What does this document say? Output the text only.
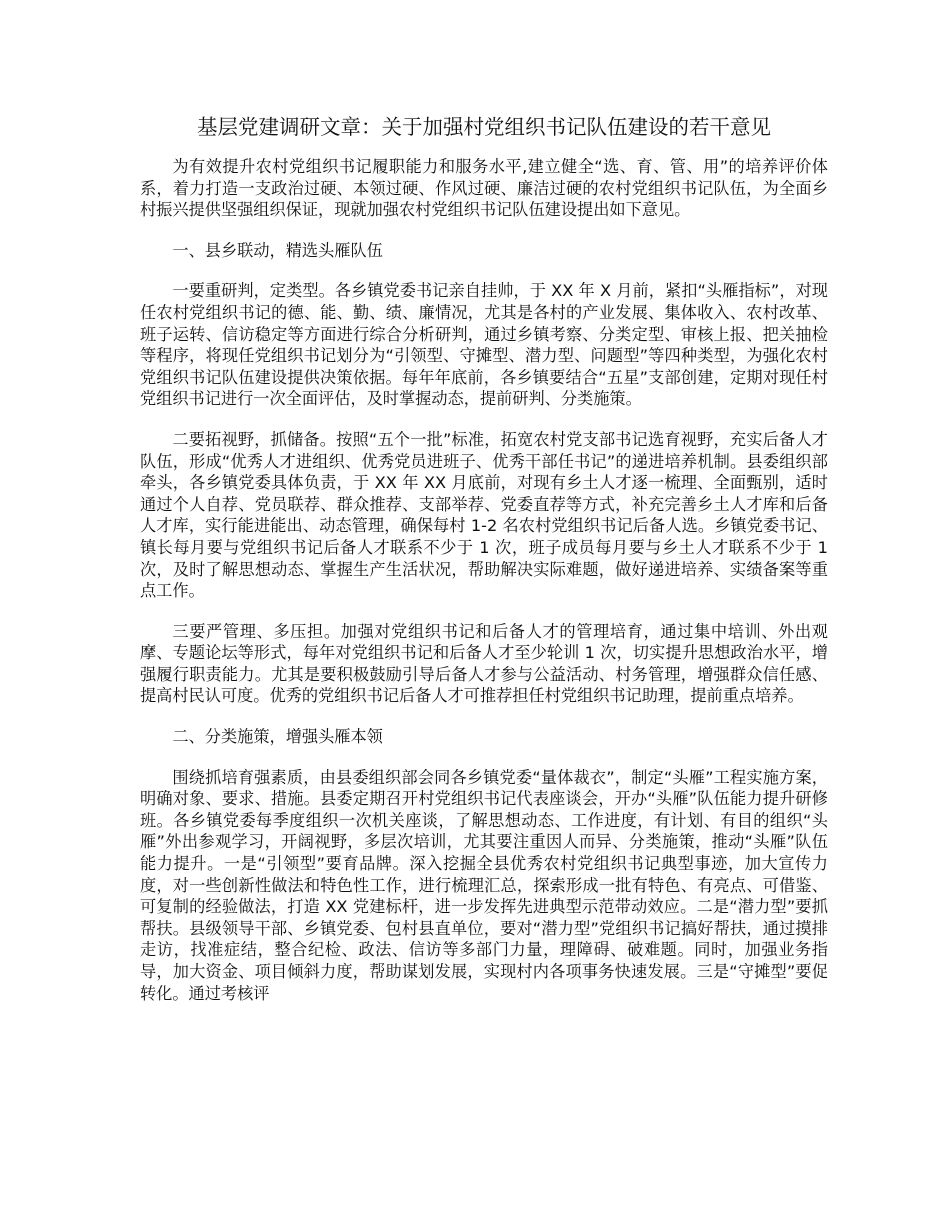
基层党建调研文章：关于加强村党组织书记队伍建设的若干意见

为有效提升农村党组织书记履职能力和服务水平,建立健全“选、育、管、用”的培养评价体系，着力打造一支政治过硬、本领过硬、作风过硬、廉洁过硬的农村党组织书记队伍，为全面乡村振兴提供坚强组织保证，现就加强农村党组织书记队伍建设提出如下意见。

一、县乡联动，精选头雁队伍

一要重研判，定类型。各乡镇党委书记亲自挂帅，于 XX 年 X 月前，紧扣“头雁指标”，对现任农村党组织书记的德、能、勤、绩、廉情况，尤其是各村的产业发展、集体收入、农村改革、班子运转、信访稳定等方面进行综合分析研判，通过乡镇考察、分类定型、审核上报、把关抽检等程序，将现任党组织书记划分为“引领型、守摊型、潜力型、问题型”等四种类型，为强化农村党组织书记队伍建设提供决策依据。每年年底前，各乡镇要结合“五星”支部创建，定期对现任村党组织书记进行一次全面评估，及时掌握动态，提前研判、分类施策。

二要拓视野，抓储备。按照“五个一批”标准，拓宽农村党支部书记选育视野，充实后备人才队伍，形成“优秀人才进组织、优秀党员进班子、优秀干部任书记”的递进培养机制。县委组织部牵头，各乡镇党委具体负责，于 XX 年 XX 月底前，对现有乡土人才逐一梳理、全面甄别，适时通过个人自荐、党员联荐、群众推荐、支部举荐、党委直荐等方式，补充完善乡土人才库和后备人才库，实行能进能出、动态管理，确保每村 1-2 名农村党组织书记后备人选。乡镇党委书记、镇长每月要与党组织书记后备人才联系不少于 1 次，班子成员每月要与乡土人才联系不少于 1 次，及时了解思想动态、掌握生产生活状况，帮助解决实际难题，做好递进培养、实绩备案等重点工作。

三要严管理、多压担。加强对党组织书记和后备人才的管理培育，通过集中培训、外出观摩、专题论坛等形式，每年对党组织书记和后备人才至少轮训 1 次，切实提升思想政治水平，增强履行职责能力。尤其是要积极鼓励引导后备人才参与公益活动、村务管理，增强群众信任感、提高村民认可度。优秀的党组织书记后备人才可推荐担任村党组织书记助理，提前重点培养。

二、分类施策，增强头雁本领

围绕抓培育强素质，由县委组织部会同各乡镇党委“量体裁衣”，制定“头雁”工程实施方案，明确对象、要求、措施。县委定期召开村党组织书记代表座谈会，开办“头雁”队伍能力提升研修班。各乡镇党委每季度组织一次机关座谈，了解思想动态、工作进度，有计划、有目的组织“头雁”外出参观学习，开阔视野，多层次培训，尤其要注重因人而异、分类施策，推动“头雁”队伍能力提升。一是“引领型”要育品牌。深入挖掘全县优秀农村党组织书记典型事迹，加大宣传力度，对一些创新性做法和特色性工作，进行梳理汇总，探索形成一批有特色、有亮点、可借鉴、可复制的经验做法，打造 XX 党建标杆，进一步发挥先进典型示范带动效应。二是“潜力型”要抓帮扶。县级领导干部、乡镇党委、包村县直单位，要对“潜力型”党组织书记搞好帮扶，通过摸排走访，找准症结，整合纪检、政法、信访等多部门力量，理障碍、破难题。同时，加强业务指导，加大资金、项目倾斜力度，帮助谋划发展，实现村内各项事务快速发展。三是“守摊型”要促转化。通过考核评
